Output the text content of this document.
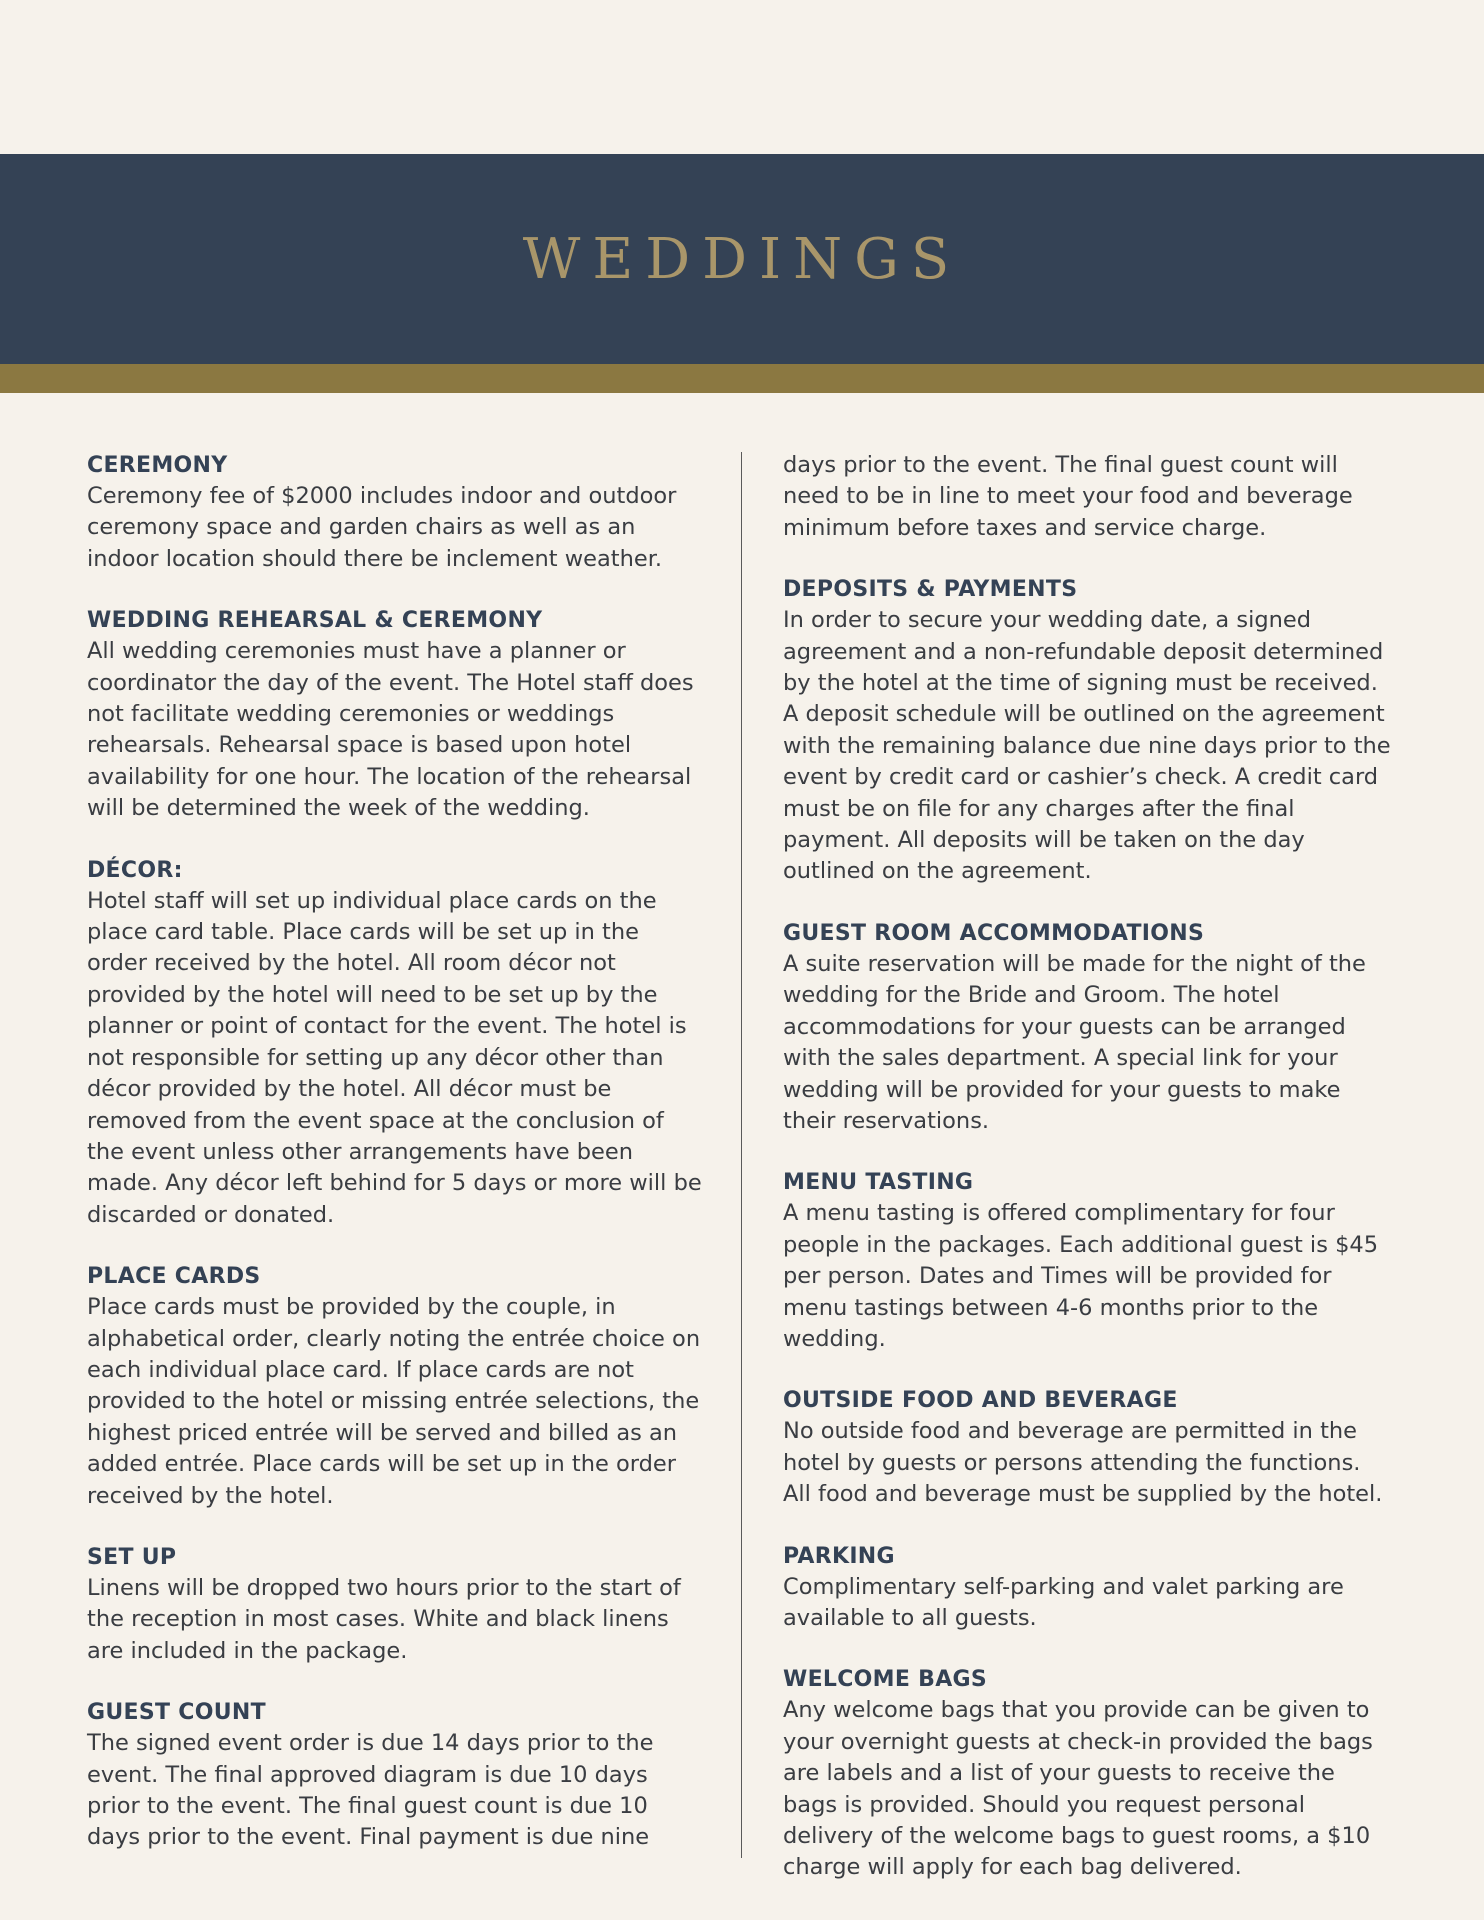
WEDDINGS
CEREMONY

Ceremony fee of $2000 includes indoor and outdoor ceremony space and garden chairs as well as an indoor location should there be inclement weather.

WEDDING REHEARSAL & CEREMONY

All wedding ceremonies must have a planner or coordinator the day of the event. The Hotel staff does not facilitate wedding ceremonies or weddings rehearsals. Rehearsal space is based upon hotel availability for one hour. The location of the rehearsal will be determined the week of the wedding.

DÉCOR:

Hotel staff will set up individual place cards on the place card table. Place cards will be set up in the order received by the hotel. All room décor not provided by the hotel will need to be set up by the planner or point of contact for the event. The hotel is not responsible for setting up any décor other than décor provided by the hotel. All décor must be removed from the event space at the conclusion of the event unless other arrangements have been made. Any décor left behind for 5 days or more will be discarded or donated.

PLACE CARDS

Place cards must be provided by the couple, in alphabetical order, clearly noting the entrée choice on each individual place card. If place cards are not provided to the hotel or missing entrée selections, the highest priced entrée will be served and billed as an added entrée. Place cards will be set up in the order received by the hotel.

SET UP

Linens will be dropped two hours prior to the start of the reception in most cases. White and black linens are included in the package.

GUEST COUNT

The signed event order is due 14 days prior to the event. The final approved diagram is due 10 days prior to the event. The final guest count is due 10 days prior to the event. Final payment is due nine

days prior to the event. The final guest count will need to be in line to meet your food and beverage minimum before taxes and service charge.

DEPOSITS & PAYMENTS

In order to secure your wedding date, a signed agreement and a non-refundable deposit determined by the hotel at the time of signing must be received. A deposit schedule will be outlined on the agreement with the remaining balance due nine days prior to the event by credit card or cashier’s check. A credit card must be on file for any charges after the final payment. All deposits will be taken on the day outlined on the agreement.

GUEST ROOM ACCOMMODATIONS

A suite reservation will be made for the night of the wedding for the Bride and Groom. The hotel accommodations for your guests can be arranged with the sales department. A special link for your wedding will be provided for your guests to make their reservations.

MENU TASTING

A menu tasting is offered complimentary for four people in the packages. Each additional guest is $45 per person. Dates and Times will be provided for menu tastings between 4-6 months prior to the wedding.

OUTSIDE FOOD AND BEVERAGE

No outside food and beverage are permitted in the hotel by guests or persons attending the functions. All food and beverage must be supplied by the hotel.

PARKING

Complimentary self-parking and valet parking are available to all guests.

WELCOME BAGS

Any welcome bags that you provide can be given to your overnight guests at check-in provided the bags are labels and a list of your guests to receive the bags is provided. Should you request personal delivery of the welcome bags to guest rooms, a $10 charge will apply for each bag delivered.
